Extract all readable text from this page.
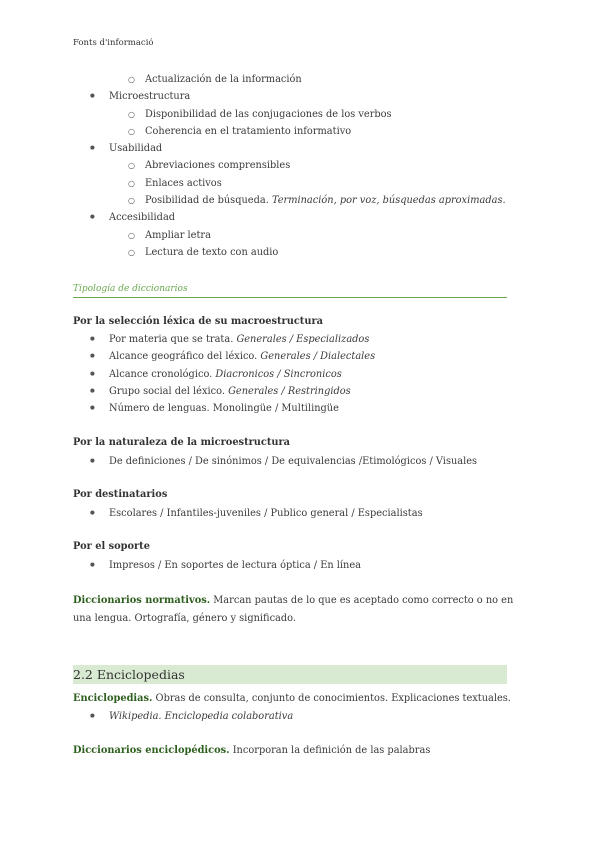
Fonts d'informació
○ Actualización de la información
● Microestructura
○ Disponibilidad de las conjugaciones de los verbos
○ Coherencia en el tratamiento informativo
● Usabilidad
○ Abreviaciones comprensibles
○ Enlaces activos
○ Posibilidad de búsqueda. Terminación, por voz, búsquedas aproximadas.
● Accesibilidad
○ Ampliar letra
○ Lectura de texto con audio
Tipología de diccionarios
Por la selección léxica de su macroestructura
● Por materia que se trata. Generales / Especializados
● Alcance geográfico del léxico. Generales / Dialectales
● Alcance cronológico. Diacronicos / Sincronicos
● Grupo social del léxico. Generales / Restringidos
● Número de lenguas. Monolingüe / Multilingüe
Por la naturaleza de la microestructura
● De definiciones / De sinónimos / De equivalencias /Etimológicos / Visuales
Por destinatarios
● Escolares / Infantiles-juveniles / Publico general / Especialistas
Por el soporte
● Impresos / En soportes de lectura óptica / En línea
Diccionarios normativos. Marcan pautas de lo que es aceptado como correcto o no en una lengua. Ortografía, género y significado.
2.2 Enciclopedias
Enciclopedias. Obras de consulta, conjunto de conocimientos. Explicaciones textuales.
● Wikipedia. Enciclopedia colaborativa
Diccionarios enciclopédicos. Incorporan la definición de las palabras
